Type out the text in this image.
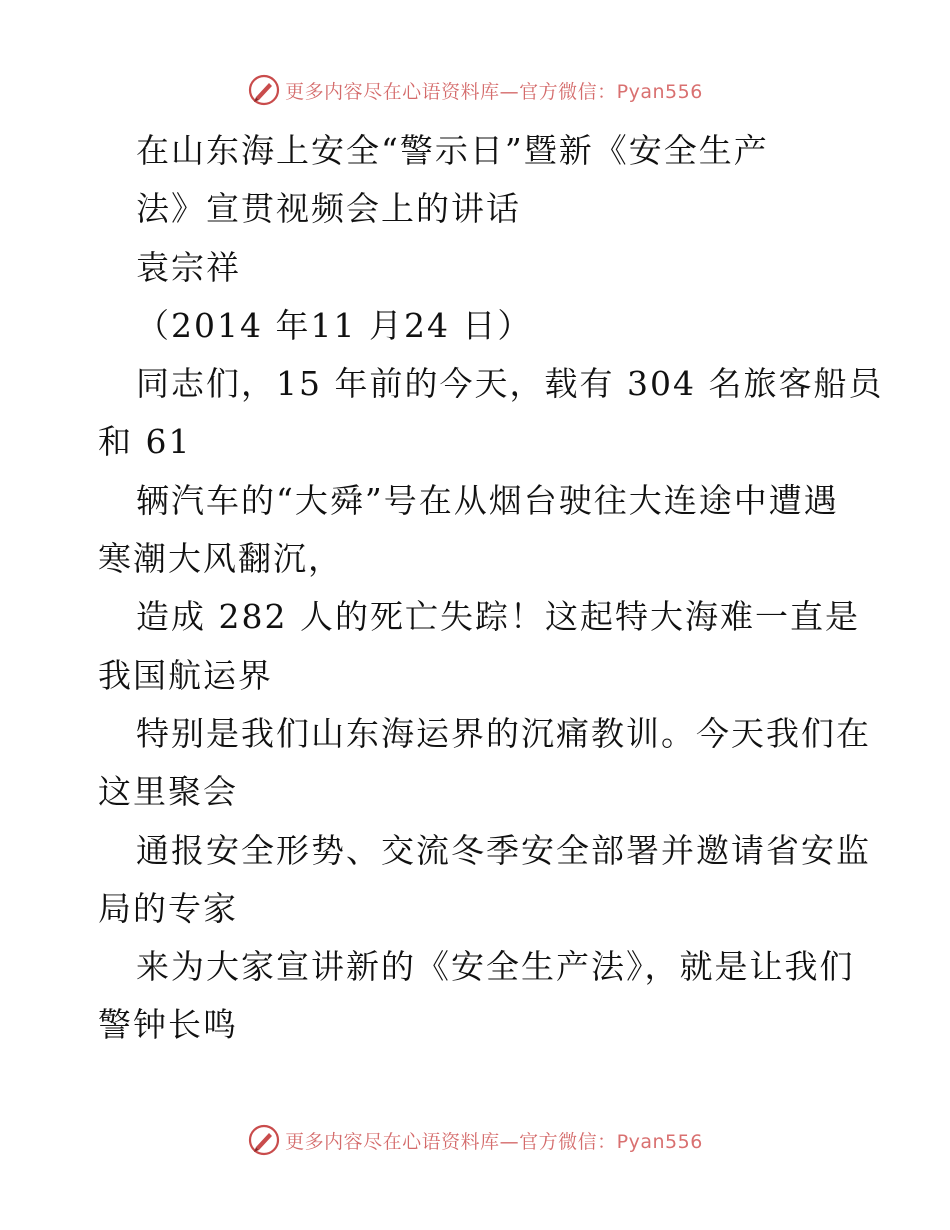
更多内容尽在心语资料库—官方微信：Pyan556
在山东海上安全“警示日”暨新《安全生产
法》宣贯视频会上的讲话
袁宗祥
（2014 年11 月24 日）
同志们，15 年前的今天，载有 304 名旅客船员
和 61
辆汽车的“大舜”号在从烟台驶往大连途中遭遇
寒潮大风翻沉，
造成 282 人的死亡失踪！这起特大海难一直是
我国航运界
特别是我们山东海运界的沉痛教训。今天我们在
这里聚会
通报安全形势、交流冬季安全部署并邀请省安监
局的专家
来为大家宣讲新的《安全生产法》，就是让我们
警钟长鸣
更多内容尽在心语资料库—官方微信：Pyan556
